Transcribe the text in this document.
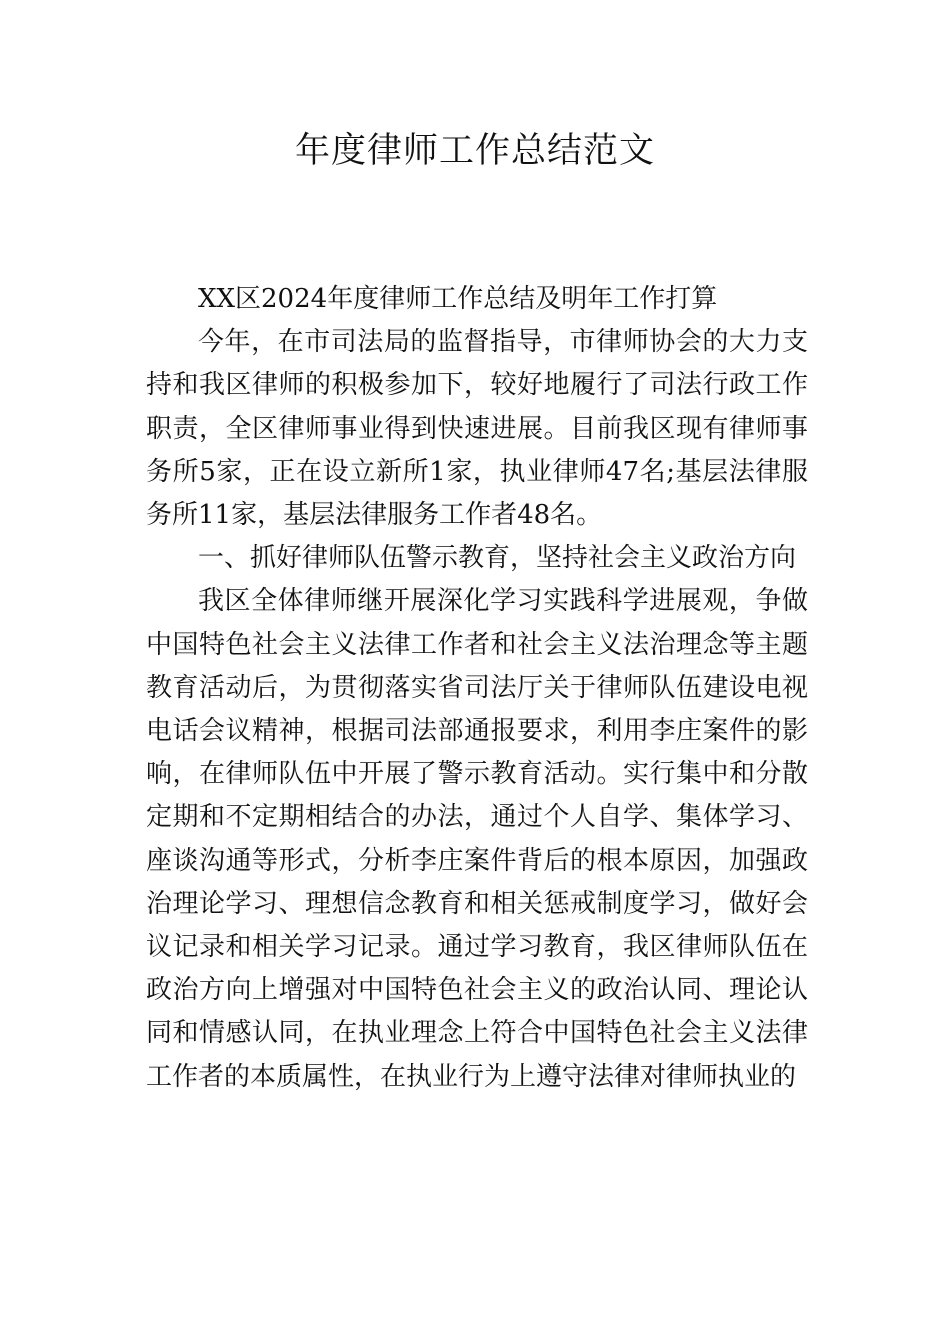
年度律师工作总结范文

XX区2024年度律师工作总结及明年工作打算

今年，在市司法局的监督指导，市律师协会的大力支持和我区律师的积极参加下，较好地履行了司法行政工作职责，全区律师事业得到快速进展。目前我区现有律师事务所5家，正在设立新所1家，执业律师47名;基层法律服务所11家，基层法律服务工作者48名。

一、抓好律师队伍警示教育，坚持社会主义政治方向

我区全体律师继开展深化学习实践科学进展观，争做中国特色社会主义法律工作者和社会主义法治理念等主题教育活动后，为贯彻落实省司法厅关于律师队伍建设电视电话会议精神，根据司法部通报要求，利用李庄案件的影响，在律师队伍中开展了警示教育活动。实行集中和分散定期和不定期相结合的办法，通过个人自学、集体学习、座谈沟通等形式，分析李庄案件背后的根本原因，加强政治理论学习、理想信念教育和相关惩戒制度学习，做好会议记录和相关学习记录。通过学习教育，我区律师队伍在政治方向上增强对中国特色社会主义的政治认同、理论认同和情感认同，在执业理念上符合中国特色社会主义法律工作者的本质属性，在执业行为上遵守法律对律师执业的
